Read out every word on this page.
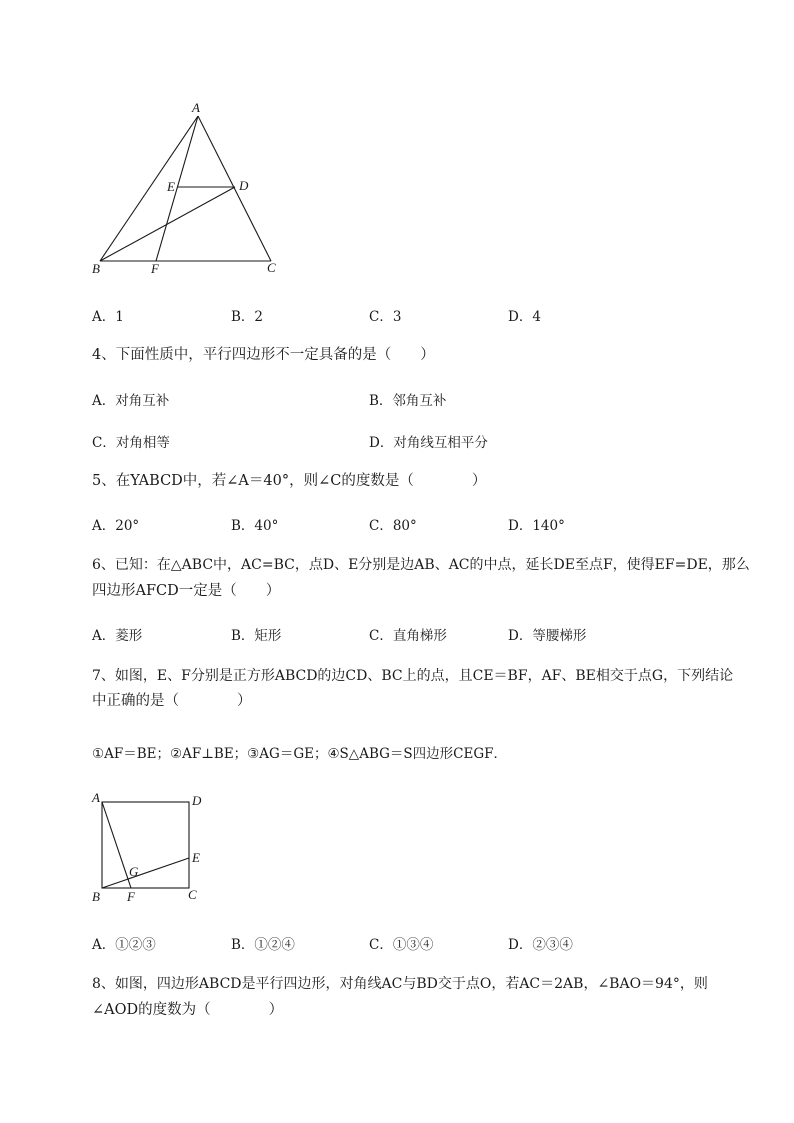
A
B	C
D
E
F
A．1	B．2	C．3	D．4
4、下面性质中，平行四边形不一定具备的是（　　）
A．对角互补	B．邻角互补
C．对角相等	D．对角线互相平分
5、在YABCD中，若∠A＝40°，则∠C的度数是（　　　　）
A．20°	B．40°	C．80°	D．140°
6、已知：在△ABC中，AC=BC，点D、E分别是边AB、AC的中点，延长DE至点F，使得EF=DE，那么
四边形AFCD一定是（　　）
A．菱形	B．矩形	C．直角梯形	D．等腰梯形
7、如图，E、F分别是正方形ABCD的边CD、BC上的点，且CE＝BF，AF、BE相交于点G，下列结论
中正确的是（　　　　）
①AF＝BE；②AF⊥BE；③AG＝GE；④S△ABG＝S四边形CEGF．
A	D
E
G
B F	C
A．①②③	B．①②④	C．①③④	D．②③④
8、如图，四边形ABCD是平行四边形，对角线AC与BD交于点O，若AC＝2AB，∠BAO＝94°，则
∠AOD的度数为（　　　　）
